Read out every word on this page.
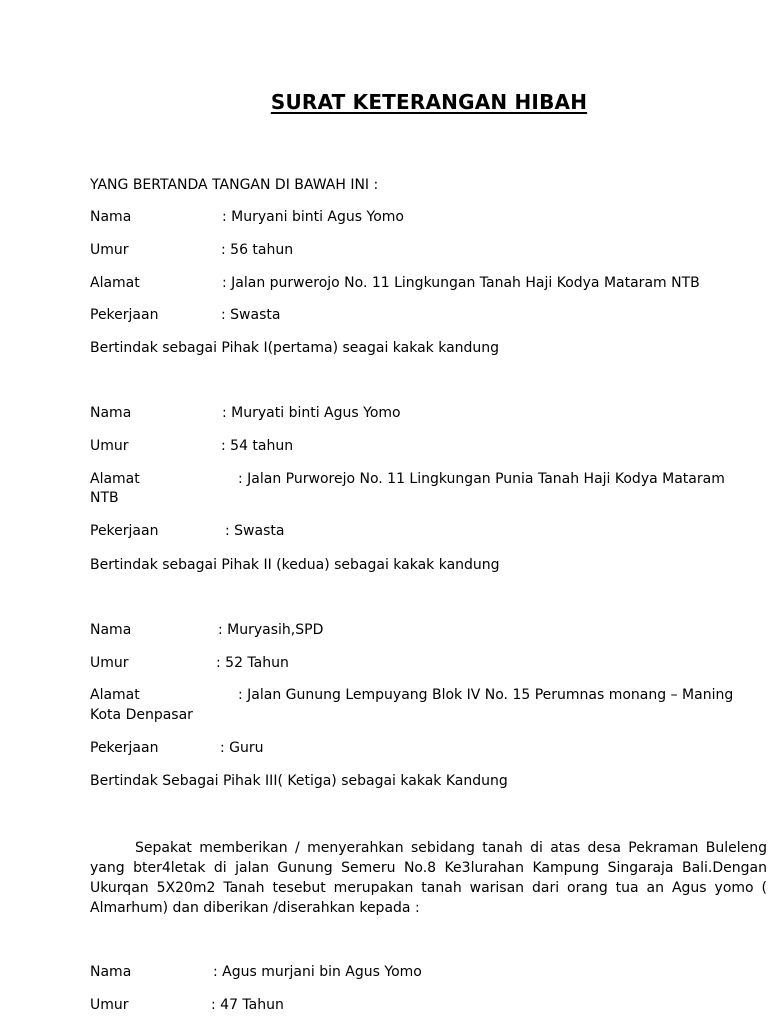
SURAT KETERANGAN HIBAH
YANG BERTANDA TANGAN DI BAWAH INI :
Nama	: Muryani binti Agus Yomo
Umur	: 56 tahun
Alamat	: Jalan purwerojo No. 11 Lingkungan Tanah Haji Kodya Mataram NTB
Pekerjaan	: Swasta
Bertindak sebagai Pihak I(pertama) seagai kakak kandung
Nama	: Muryati binti Agus Yomo
Umur	: 54 tahun
Alamat	: Jalan Purworejo No. 11 Lingkungan Punia Tanah Haji Kodya Mataram
NTB
Pekerjaan	: Swasta
Bertindak sebagai Pihak II (kedua) sebagai kakak kandung
Nama	: Muryasih,SPD
Umur	: 52 Tahun
Alamat	: Jalan Gunung Lempuyang Blok IV No. 15 Perumnas monang – Maning
Kota Denpasar
Pekerjaan	: Guru
Bertindak Sebagai Pihak III( Ketiga) sebagai kakak Kandung
Sepakat memberikan / menyerahkan sebidang tanah di atas desa Pekraman Buleleng yang bter4letak di jalan Gunung Semeru No.8 Ke3lurahan Kampung Singaraja Bali.Dengan Ukurqan 5X20m2 Tanah tesebut merupakan tanah warisan dari orang tua an Agus yomo ( Almarhum) dan diberikan /diserahkan kepada :
Nama	: Agus murjani bin Agus Yomo
Umur	: 47 Tahun
